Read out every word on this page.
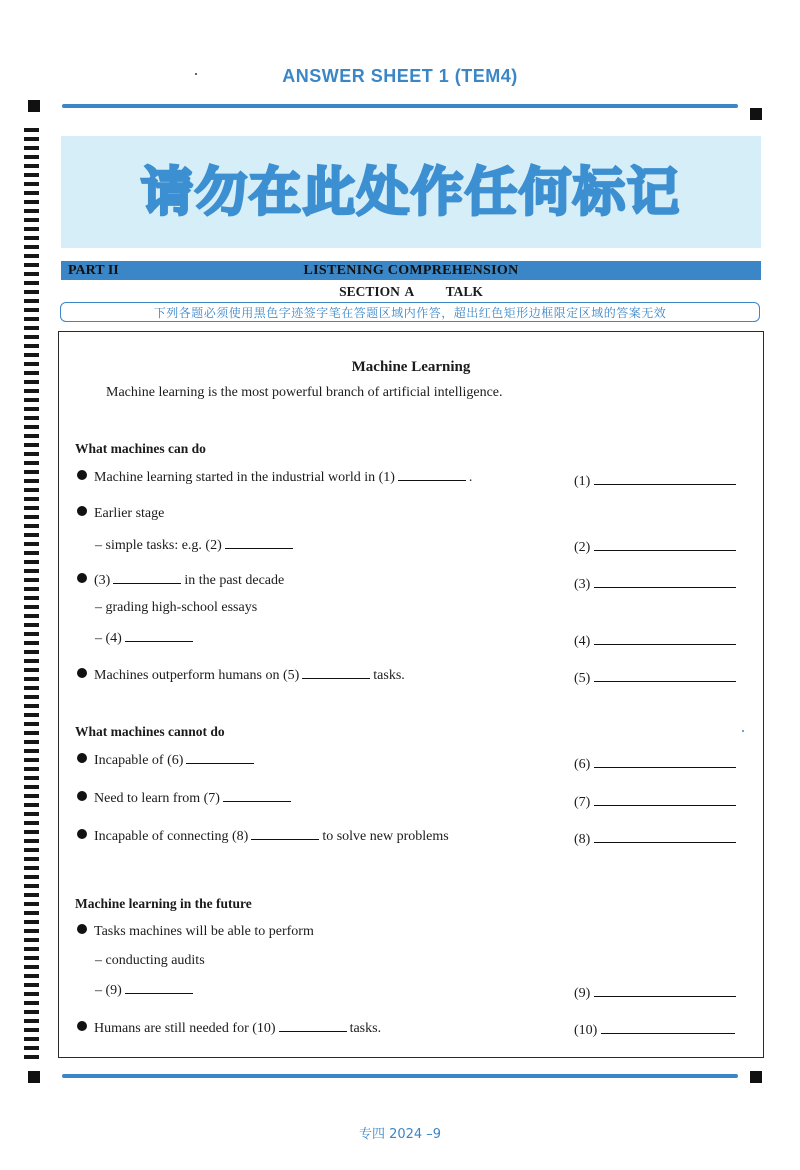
ANSWER SHEET 1 (TEM4)
请勿在此处作任何标记
PART II	LISTENING COMPREHENSION
SECTION A      TALK
下列各题必须使用黑色字迹签字笔在答题区域内作答，超出红色矩形边框限定区域的答案无效
Machine Learning
Machine learning is the most powerful branch of artificial intelligence.
What machines can do
Machine learning started in the industrial world in (1)	.	(1)
Earlier stage
– simple tasks: e.g. (2)	(2)
(3)	in the past decade	(3)
– grading high-school essays
– (4)	(4)
Machines outperform humans on (5)	tasks.	(5)
What machines cannot do
Incapable of (6)	(6)
Need to learn from (7)	(7)
Incapable of connecting (8)	to solve new problems	(8)
Machine learning in the future
Tasks machines will be able to perform
– conducting audits
– (9)	(9)
Humans are still needed for (10)	tasks.	(10)
专四 2024 –9
